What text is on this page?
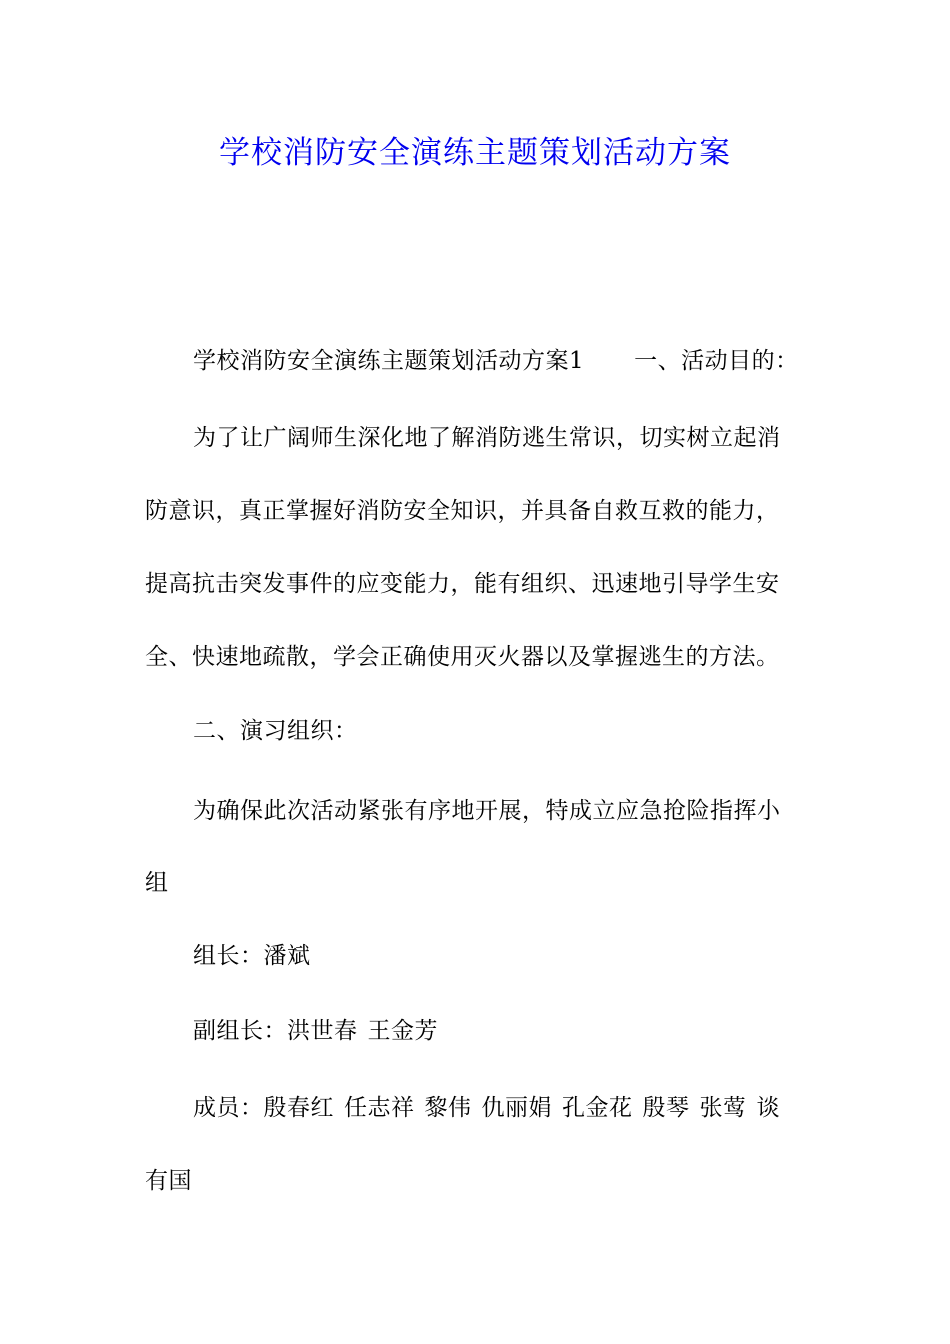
学校消防安全演练主题策划活动方案
学校消防安全演练主题策划活动方案1 一、活动目的：
为了让广阔师生深化地了解消防逃生常识，切实树立起消
防意识，真正掌握好消防安全知识，并具备自救互救的能力，
提高抗击突发事件的应变能力，能有组织、迅速地引导学生安
全、快速地疏散，学会正确使用灭火器以及掌握逃生的方法。
二、演习组织：
为确保此次活动紧张有序地开展，特成立应急抢险指挥小
组
组长：潘斌
副组长：洪世春 王金芳
成员：殷春红 任志祥 黎伟 仇丽娟 孔金花 殷琴 张莺 谈
有国
